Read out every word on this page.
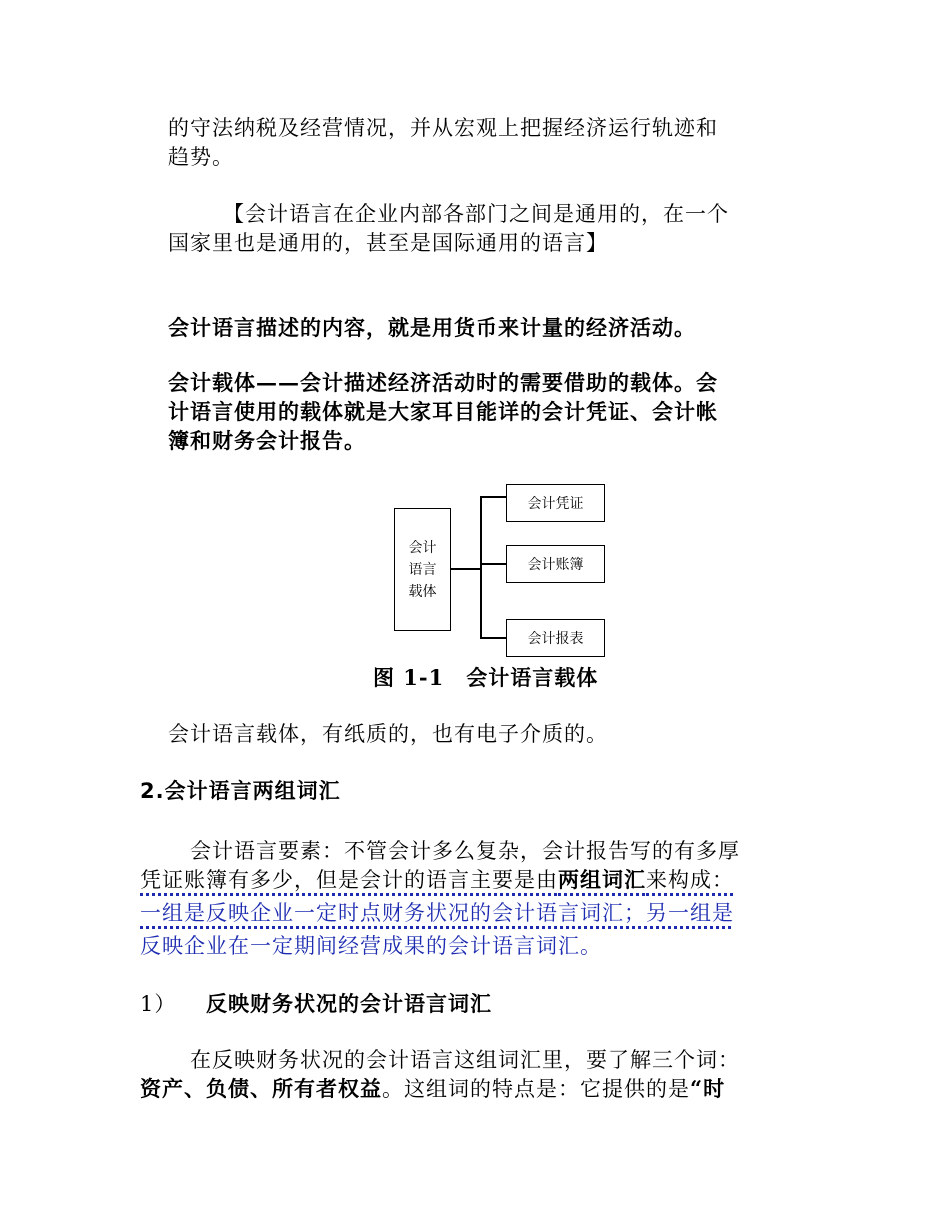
的守法纳税及经营情况，并从宏观上把握经济运行轨迹和
趋势。
【会计语言在企业内部各部门之间是通用的，在一个
国家里也是通用的，甚至是国际通用的语言】
会计语言描述的内容，就是用货币来计量的经济活动。
会计载体——会计描述经济活动时的需要借助的载体。会
计语言使用的载体就是大家耳目能详的会计凭证、会计帐
簿和财务会计报告。
会计
语言
载体
会计凭证
会计账簿
会计报表
图 1-1　会计语言载体
会计语言载体，有纸质的，也有电子介质的。
2.会计语言两组词汇
会计语言要素：不管会计多么复杂，会计报告写的有多厚
凭证账簿有多少，但是会计的语言主要是由两组词汇来构成：
一组是反映企业一定时点财务状况的会计语言词汇；另一组是
反映企业在一定期间经营成果的会计语言词汇。
1） 反映财务状况的会计语言词汇
在反映财务状况的会计语言这组词汇里，要了解三个词：
资产、负债、所有者权益。这组词的特点是：它提供的是“时
